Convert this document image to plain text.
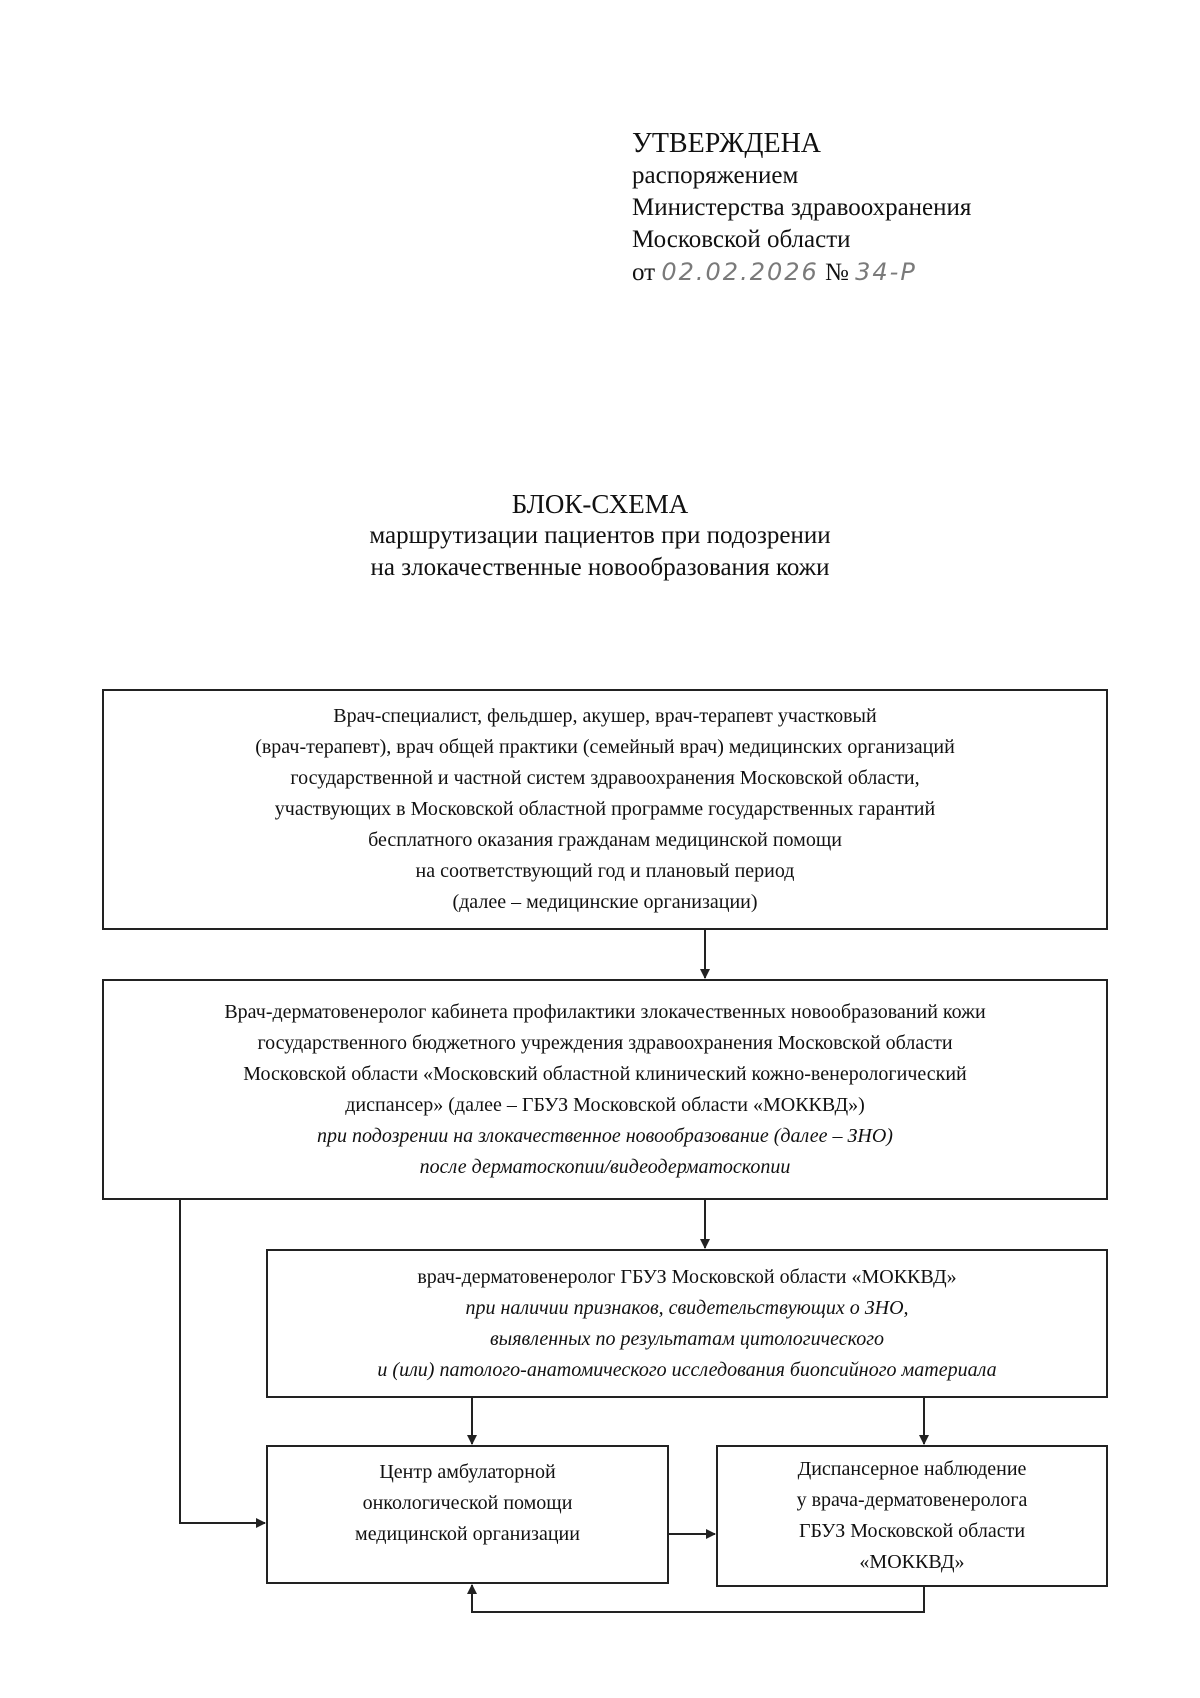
УТВЕРЖДЕНА
распоряжением
Министерства здравоохранения
Московской области
от 02.02.2026 № 34-Р
БЛОК-СХЕМА
маршрутизации пациентов при подозрении
на злокачественные новообразования кожи
Врач-специалист, фельдшер, акушер, врач-терапевт участковый
(врач-терапевт), врач общей практики (семейный врач) медицинских организаций
государственной и частной систем здравоохранения Московской области,
участвующих в Московской областной программе государственных гарантий
бесплатного оказания гражданам медицинской помощи
на соответствующий год и плановый период
(далее – медицинские организации)
Врач-дерматовенеролог кабинета профилактики злокачественных новообразований кожи
государственного бюджетного учреждения здравоохранения Московской области
Московской области «Московский областной клинический кожно-венерологический
диспансер» (далее – ГБУЗ Московской области «МОККВД»)
при подозрении на злокачественное новообразование (далее – ЗНО)
после дерматоскопии/видеодерматоскопии
врач-дерматовенеролог ГБУЗ Московской области «МОККВД»
при наличии признаков, свидетельствующих о ЗНО,
выявленных по результатам цитологического
и (или) патолого-анатомического исследования биопсийного материала
Центр амбулаторной
онкологической помощи
медицинской организации
Диспансерное наблюдение
у врача-дерматовенеролога
ГБУЗ Московской области
«МОККВД»
